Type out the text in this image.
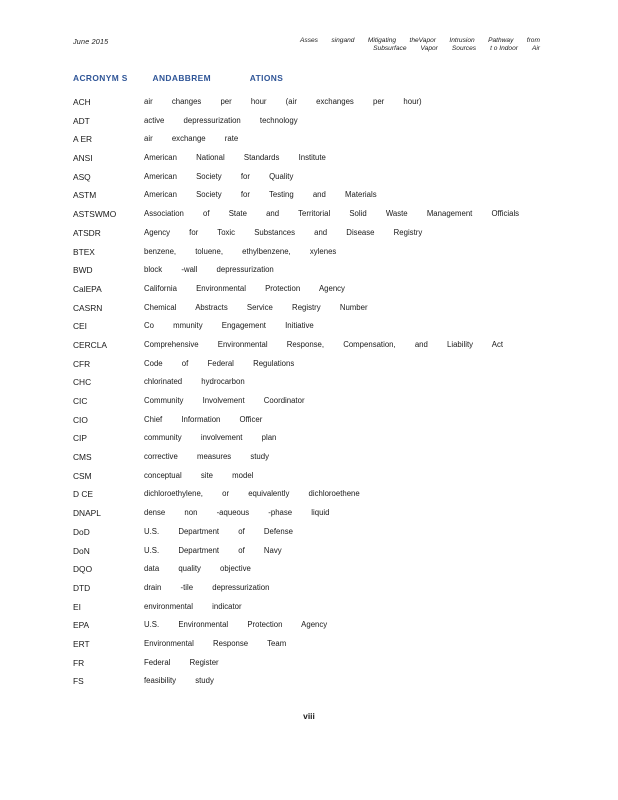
June 2015	Asses singand Mitigating theVapor Intrusion Pathway from
Subsurface Vapor Sources t o Indoor Air
ACRONYM S	ANDABBREM	ATIONS
ACH	air changes per hour (air exchanges per hour)
ADT	active depressurization technology
A ER	air exchange rate
ANSI	American National Standards Institute
ASQ	American Society for Quality
ASTM	American Society for Testing and Materials
ASTSWMO	Association of State and Territorial Solid Waste Management Officials
ATSDR	Agency for Toxic Substances and Disease Registry
BTEX	benzene, toluene, ethylbenzene, xylenes
BWD	block -wall depressurization
CalEPA	California Environmental Protection Agency
CASRN	Chemical Abstracts Service Registry Number
CEI	Co mmunity Engagement Initiative
CERCLA	Comprehensive Environmental Response, Compensation, and Liability Act
CFR	Code of Federal Regulations
CHC	chlorinated hydrocarbon
CIC	Community Involvement Coordinator
CIO	Chief Information Officer
CIP	community involvement plan
CMS	corrective measures study
CSM	conceptual site model
D CE	dichloroethylene, or equivalently dichloroethene
DNAPL	dense non -aqueous -phase liquid
DoD	U.S. Department of Defense
DoN	U.S. Department of Navy
DQO	data quality objective
DTD	drain -tile depressurization
EI	environmental indicator
EPA	U.S. Environmental Protection Agency
ERT	Environmental Response Team
FR	Federal Register
FS	feasibility study
viii
